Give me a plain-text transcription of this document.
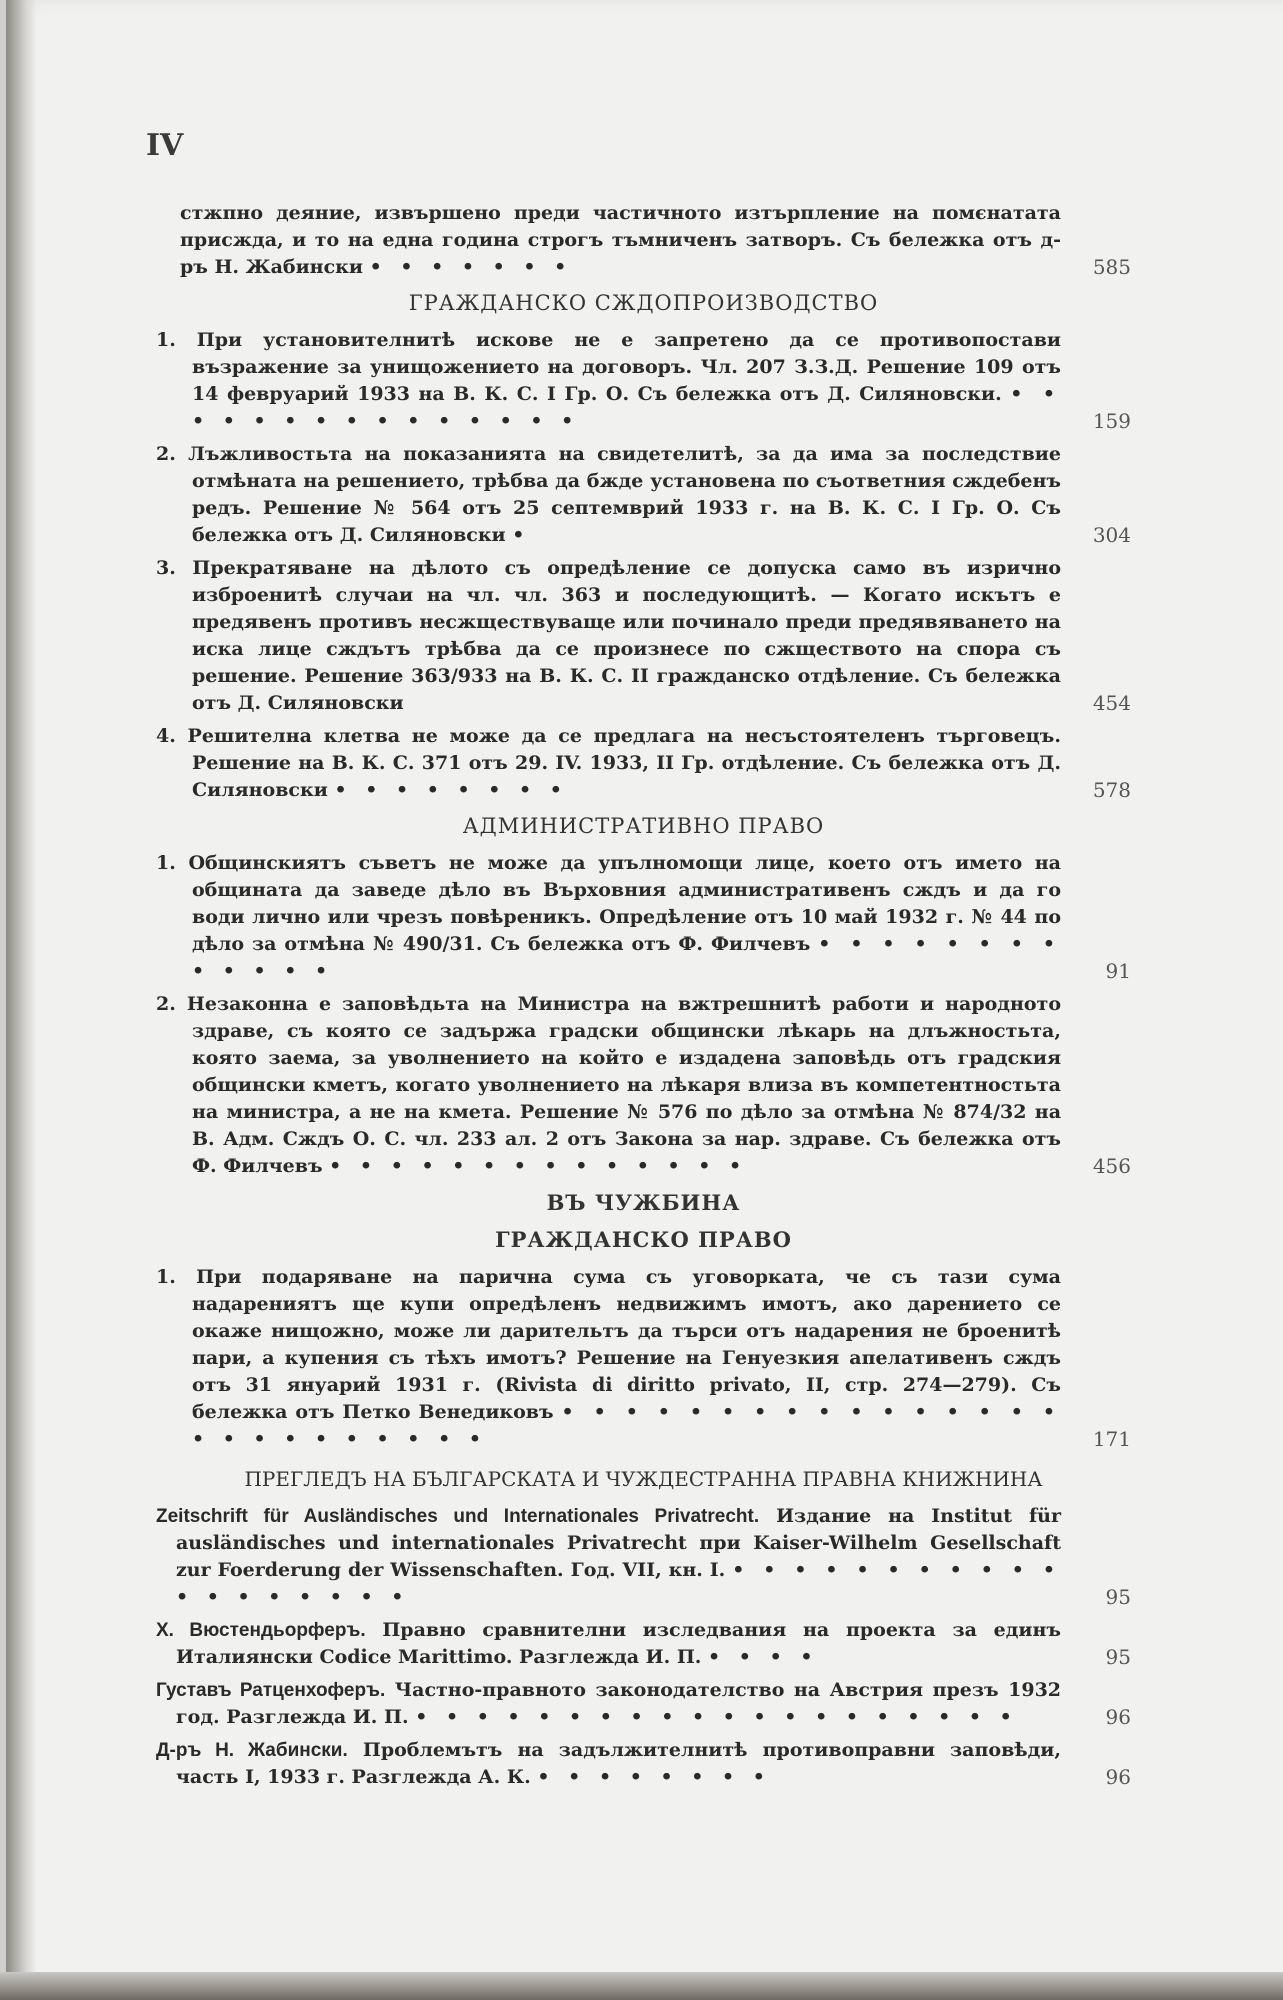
IV
стжпно деяние, извършено преди частичното изтърпление на помєнатата присжда, и то на една година строгъ тъмниченъ затворъ. Съ бележка отъ д-ръ Н. Жабински • • • • • • •	585
ГРАЖДАНСКО СЖДОПРОИЗВОДСТВО
1. При установителнитѣ искове не е запретено да се противопостави възражение за унищожението на договоръ. Чл. 207 З.З.Д. Решение 109 отъ 14 февруарий 1933 на В. К. С. I Гр. О. Съ бележка отъ Д. Силяновски. • • • • • • • • • • • • • • •	159
2. Лъжливостьта на показанията на свидетелитѣ, за да има за последствие отмѣната на решението, трѣбва да бжде установена по съответния сждебенъ редъ. Решение № 564 отъ 25 септемврий 1933 г. на В. К. С. I Гр. О. Съ бележка отъ Д. Силяновски •	304
3. Прекратяване на дѣлото съ опредѣление се допуска само въ изрично изброенитѣ случаи на чл. чл. 363 и последующитѣ. — Когато искътъ е предявенъ противъ несжществуваще или починало преди предявяването на иска лице сждътъ трѣбва да се произнесе по сжществото на спора съ решение. Решение 363/933 на В. К. С. II гражданско отдѣление. Съ бележка отъ Д. Силяновски	454
4. Решителна клетва не може да се предлага на несъстоятеленъ търговецъ. Решение на В. К. С. 371 отъ 29. IV. 1933, II Гр. отдѣление. Съ бележка отъ Д. Силяновски • • • • • • • •	578
АДМИНИСТРАТИВНО ПРАВО
1. Общинскиятъ съветъ не може да упълномощи лице, което отъ името на общината да заведе дѣло въ Върховния административенъ сждъ и да го води лично или чрезъ повѣреникъ. Опредѣление отъ 10 май 1932 г. № 44 по дѣло за отмѣна № 490/31. Съ бележка отъ Ф. Филчевъ • • • • • • • • • • • • •	91
2. Незаконна е заповѣдьта на Министра на вжтрешнитѣ работи и народното здраве, съ която се задържа градски общински лѣкарь на длъжностьта, която заема, за уволнението на който е издадена заповѣдь отъ градския общински кметъ, когато уволнението на лѣкаря влиза въ компетентностьта на министра, а не на кмета. Решение № 576 по дѣло за отмѣна № 874/32 на В. Адм. Сждъ О. С. чл. 233 ал. 2 отъ Закона за нар. здраве. Съ бележка отъ Ф. Филчевъ • • • • • • • • • • • • • •	456
ВЪ ЧУЖБИНА
ГРАЖДАНСКО ПРАВО
1. При подаряване на парична сума съ уговорката, че съ тази сума надарениятъ ще купи опредѣленъ недвижимъ имотъ, ако дарението се окаже нищожно, може ли дарительтъ да търси отъ надарения не броенитѣ пари, а купения съ тѣхъ имотъ? Решение на Генуезкия апелативенъ сждъ отъ 31 януарий 1931 г. (Rivista di diritto privato, II, стр. 274—279). Съ бележка отъ Петко Венедиковъ • • • • • • • • • • • • • • • • • • • • • • • • • •	171
ПРЕГЛЕДЪ НА БЪЛГАРСКАТА И ЧУЖДЕСТРАННА ПРАВНА КНИЖНИНА
Zeitschrift für Ausländisches und Internationales Privatrecht. Издание на Institut für ausländisches und internationales Privatrecht при Kaiser-Wilhelm Gesellschaft zur Foerderung der Wissenschaften. Год. VII, кн. I. • • • • • • • • • • • • • • • • • • •	95
Х. Вюстендьорферъ. Правно сравнителни изследвания на проекта за единъ Италиянски Codice Marittimo. Разглежда И. П. • • • •	95
Густавъ Ратценхоферъ. Частно-правното законодателство на Австрия презъ 1932 год. Разглежда И. П. • • • • • • • • • • • • • • • • • • • •	96
Д-ръ Н. Жабински. Проблемътъ на задължителнитѣ противоправни заповѣди, часть I, 1933 г. Разглежда А. К. • • • • • • • •	96
